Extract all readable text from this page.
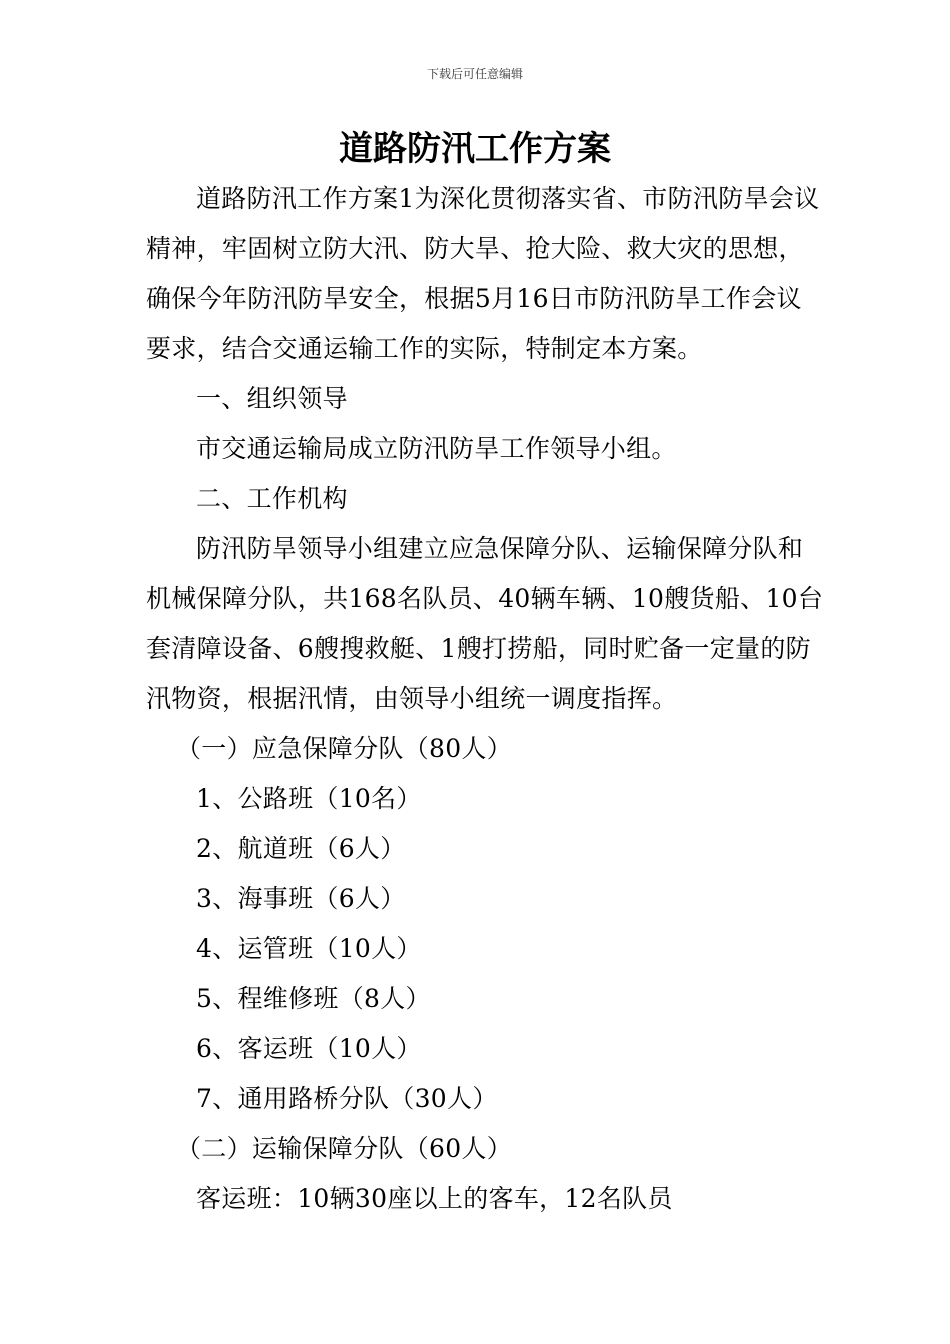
下载后可任意编辑
道路防汛工作方案

道路防汛工作方案1为深化贯彻落实省、市防汛防旱会议精神，牢固树立防大汛、防大旱、抢大险、救大灾的思想，确保今年防汛防旱安全，根据5月16日市防汛防旱工作会议要求，结合交通运输工作的实际，特制定本方案。

一、组织领导

市交通运输局成立防汛防旱工作领导小组。

二、工作机构

防汛防旱领导小组建立应急保障分队、运输保障分队和机械保障分队，共168名队员、40辆车辆、10艘货船、10台套清障设备、6艘搜救艇、1艘打捞船，同时贮备一定量的防汛物资，根据汛情，由领导小组统一调度指挥。

（一）应急保障分队（80人）

1、公路班（10名）

2、航道班（6人）

3、海事班（6人）

4、运管班（10人）

5、程维修班（8人）

6、客运班（10人）

7、通用路桥分队（30人）

（二）运输保障分队（60人）

客运班：10辆30座以上的客车，12名队员
